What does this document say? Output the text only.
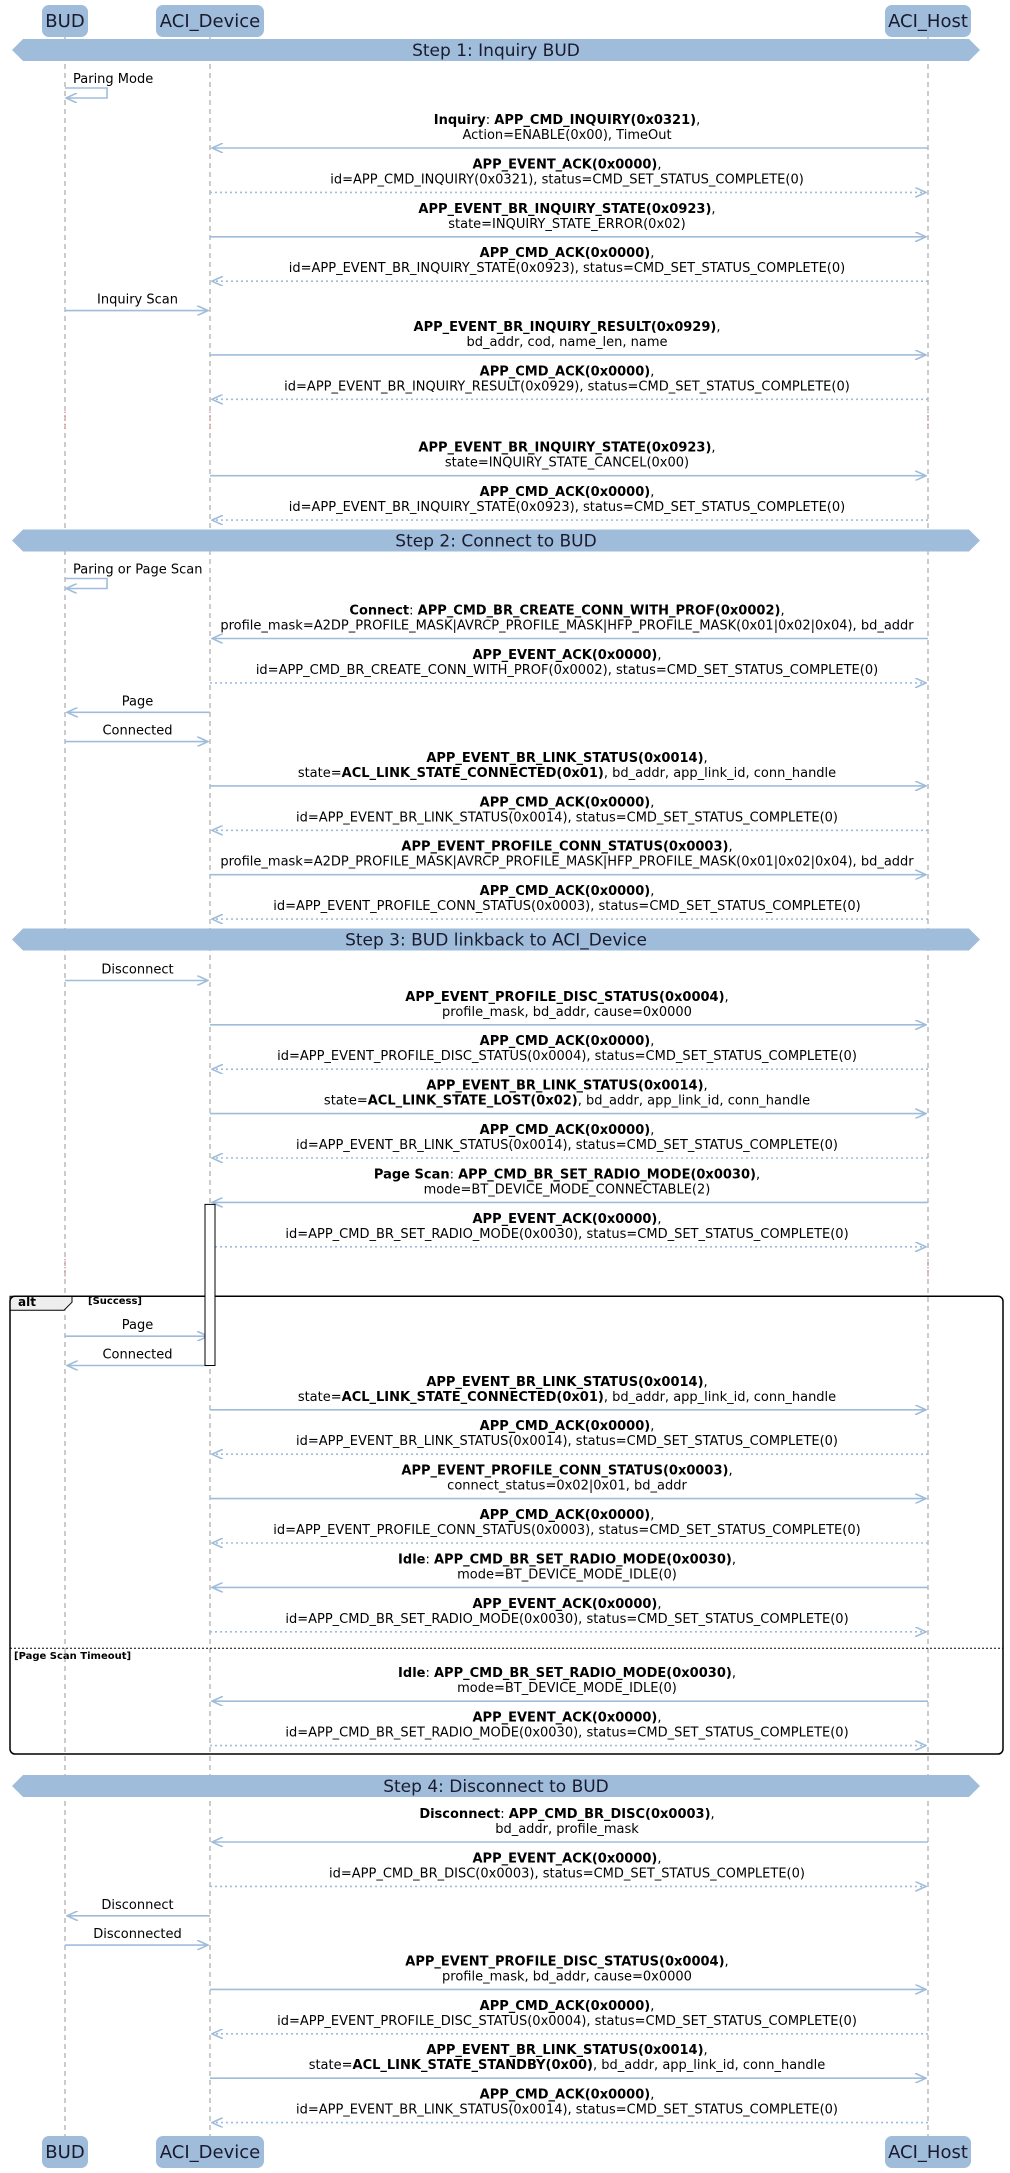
alt	[Success]
[Page Scan Timeout]
Step 1: Inquiry BUD
Paring Mode
Inquiry: APP_CMD_INQUIRY(0x0321),
Action=ENABLE(0x00), TimeOut
APP_EVENT_ACK(0x0000),
id=APP_CMD_INQUIRY(0x0321), status=CMD_SET_STATUS_COMPLETE(0)
APP_EVENT_BR_INQUIRY_STATE(0x0923),
state=INQUIRY_STATE_ERROR(0x02)
APP_CMD_ACK(0x0000),
id=APP_EVENT_BR_INQUIRY_STATE(0x0923), status=CMD_SET_STATUS_COMPLETE(0)
Inquiry Scan
APP_EVENT_BR_INQUIRY_RESULT(0x0929),
bd_addr, cod, name_len, name
APP_CMD_ACK(0x0000),
id=APP_EVENT_BR_INQUIRY_RESULT(0x0929), status=CMD_SET_STATUS_COMPLETE(0)
APP_EVENT_BR_INQUIRY_STATE(0x0923),
state=INQUIRY_STATE_CANCEL(0x00)
APP_CMD_ACK(0x0000),
id=APP_EVENT_BR_INQUIRY_STATE(0x0923), status=CMD_SET_STATUS_COMPLETE(0)
Step 2: Connect to BUD
Paring or Page Scan
Connect: APP_CMD_BR_CREATE_CONN_WITH_PROF(0x0002),
profile_mask=A2DP_PROFILE_MASK|AVRCP_PROFILE_MASK|HFP_PROFILE_MASK(0x01|0x02|0x04), bd_addr
APP_EVENT_ACK(0x0000),
id=APP_CMD_BR_CREATE_CONN_WITH_PROF(0x0002), status=CMD_SET_STATUS_COMPLETE(0)
Page
Connected
APP_EVENT_BR_LINK_STATUS(0x0014),
state=ACL_LINK_STATE_CONNECTED(0x01), bd_addr, app_link_id, conn_handle
APP_CMD_ACK(0x0000),
id=APP_EVENT_BR_LINK_STATUS(0x0014), status=CMD_SET_STATUS_COMPLETE(0)
APP_EVENT_PROFILE_CONN_STATUS(0x0003),
profile_mask=A2DP_PROFILE_MASK|AVRCP_PROFILE_MASK|HFP_PROFILE_MASK(0x01|0x02|0x04), bd_addr
APP_CMD_ACK(0x0000),
id=APP_EVENT_PROFILE_CONN_STATUS(0x0003), status=CMD_SET_STATUS_COMPLETE(0)
Step 3: BUD linkback to ACI_Device
Disconnect
APP_EVENT_PROFILE_DISC_STATUS(0x0004),
profile_mask, bd_addr, cause=0x0000
APP_CMD_ACK(0x0000),
id=APP_EVENT_PROFILE_DISC_STATUS(0x0004), status=CMD_SET_STATUS_COMPLETE(0)
APP_EVENT_BR_LINK_STATUS(0x0014),
state=ACL_LINK_STATE_LOST(0x02), bd_addr, app_link_id, conn_handle
APP_CMD_ACK(0x0000),
id=APP_EVENT_BR_LINK_STATUS(0x0014), status=CMD_SET_STATUS_COMPLETE(0)
Page Scan: APP_CMD_BR_SET_RADIO_MODE(0x0030),
mode=BT_DEVICE_MODE_CONNECTABLE(2)
APP_EVENT_ACK(0x0000),
id=APP_CMD_BR_SET_RADIO_MODE(0x0030), status=CMD_SET_STATUS_COMPLETE(0)
Page
Connected
APP_EVENT_BR_LINK_STATUS(0x0014),
state=ACL_LINK_STATE_CONNECTED(0x01), bd_addr, app_link_id, conn_handle
APP_CMD_ACK(0x0000),
id=APP_EVENT_BR_LINK_STATUS(0x0014), status=CMD_SET_STATUS_COMPLETE(0)
APP_EVENT_PROFILE_CONN_STATUS(0x0003),
connect_status=0x02|0x01, bd_addr
APP_CMD_ACK(0x0000),
id=APP_EVENT_PROFILE_CONN_STATUS(0x0003), status=CMD_SET_STATUS_COMPLETE(0)
Idle: APP_CMD_BR_SET_RADIO_MODE(0x0030),
mode=BT_DEVICE_MODE_IDLE(0)
APP_EVENT_ACK(0x0000),
id=APP_CMD_BR_SET_RADIO_MODE(0x0030), status=CMD_SET_STATUS_COMPLETE(0)
Idle: APP_CMD_BR_SET_RADIO_MODE(0x0030),
mode=BT_DEVICE_MODE_IDLE(0)
APP_EVENT_ACK(0x0000),
id=APP_CMD_BR_SET_RADIO_MODE(0x0030), status=CMD_SET_STATUS_COMPLETE(0)
Step 4: Disconnect to BUD
Disconnect: APP_CMD_BR_DISC(0x0003),
bd_addr, profile_mask
APP_EVENT_ACK(0x0000),
id=APP_CMD_BR_DISC(0x0003), status=CMD_SET_STATUS_COMPLETE(0)
Disconnect
Disconnected
APP_EVENT_PROFILE_DISC_STATUS(0x0004),
profile_mask, bd_addr, cause=0x0000
APP_CMD_ACK(0x0000),
id=APP_EVENT_PROFILE_DISC_STATUS(0x0004), status=CMD_SET_STATUS_COMPLETE(0)
APP_EVENT_BR_LINK_STATUS(0x0014),
state=ACL_LINK_STATE_STANDBY(0x00), bd_addr, app_link_id, conn_handle
APP_CMD_ACK(0x0000),
id=APP_EVENT_BR_LINK_STATUS(0x0014), status=CMD_SET_STATUS_COMPLETE(0)
BUD
BUD
ACI_Device
ACI_Device
ACI_Host
ACI_Host
